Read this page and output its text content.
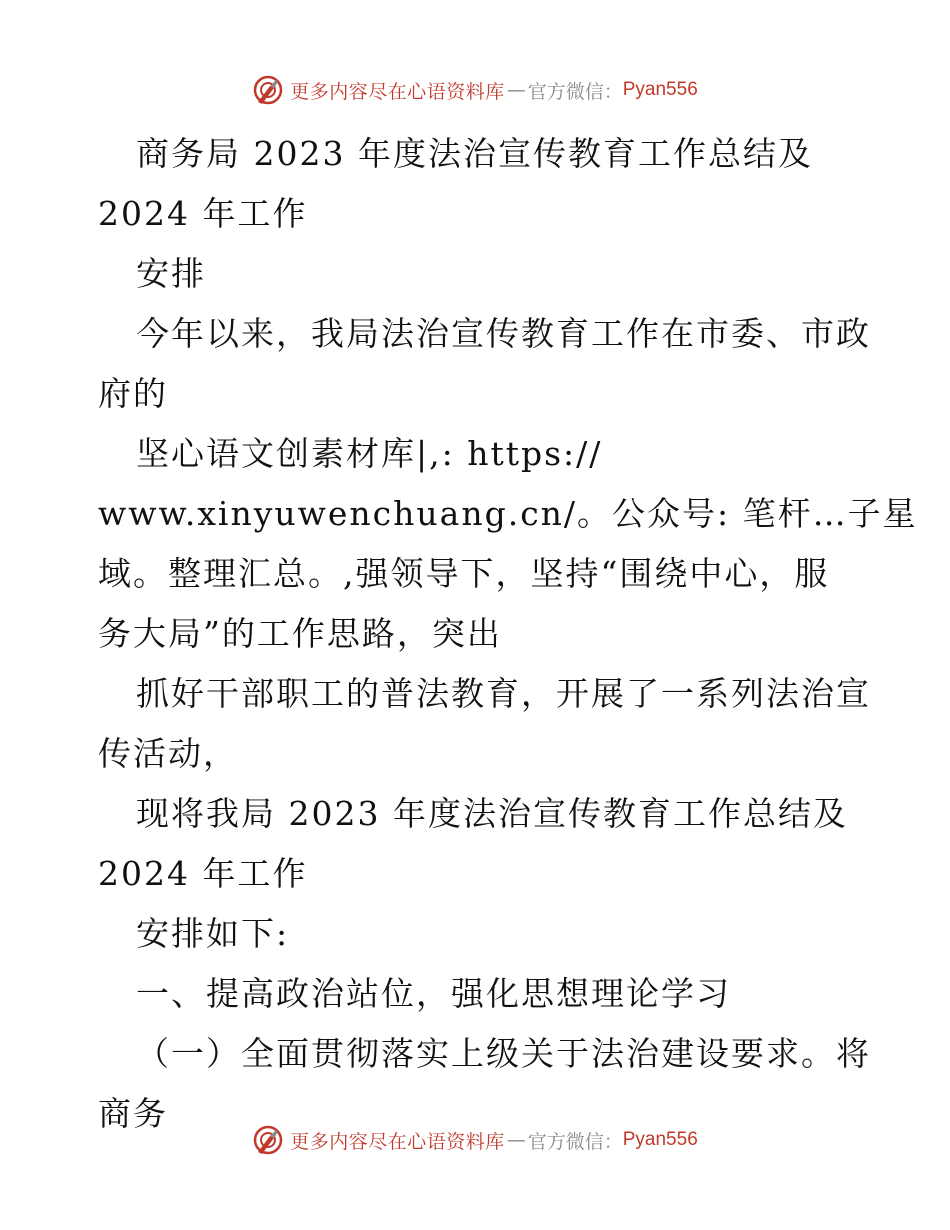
更多内容尽在心语资料库 — 官方微信： Pyan556
商务局 2023 年度法治宣传教育工作总结及
2024 年工作
安排
今年以来，我局法治宣传教育工作在市委、市政
府的
坚心语文创素材库|,: https://
www.xinyuwenchuang.cn/。公众号: 笔杆…子星
域。整理汇总。,强领导下，坚持“围绕中心，服
务大局”的工作思路，突出
抓好干部职工的普法教育，开展了一系列法治宣
传活动，
现将我局 2023 年度法治宣传教育工作总结及
2024 年工作
安排如下:
一、提高政治站位，强化思想理论学习
（一）全面贯彻落实上级关于法治建设要求。将
商务
更多内容尽在心语资料库 — 官方微信： Pyan556
